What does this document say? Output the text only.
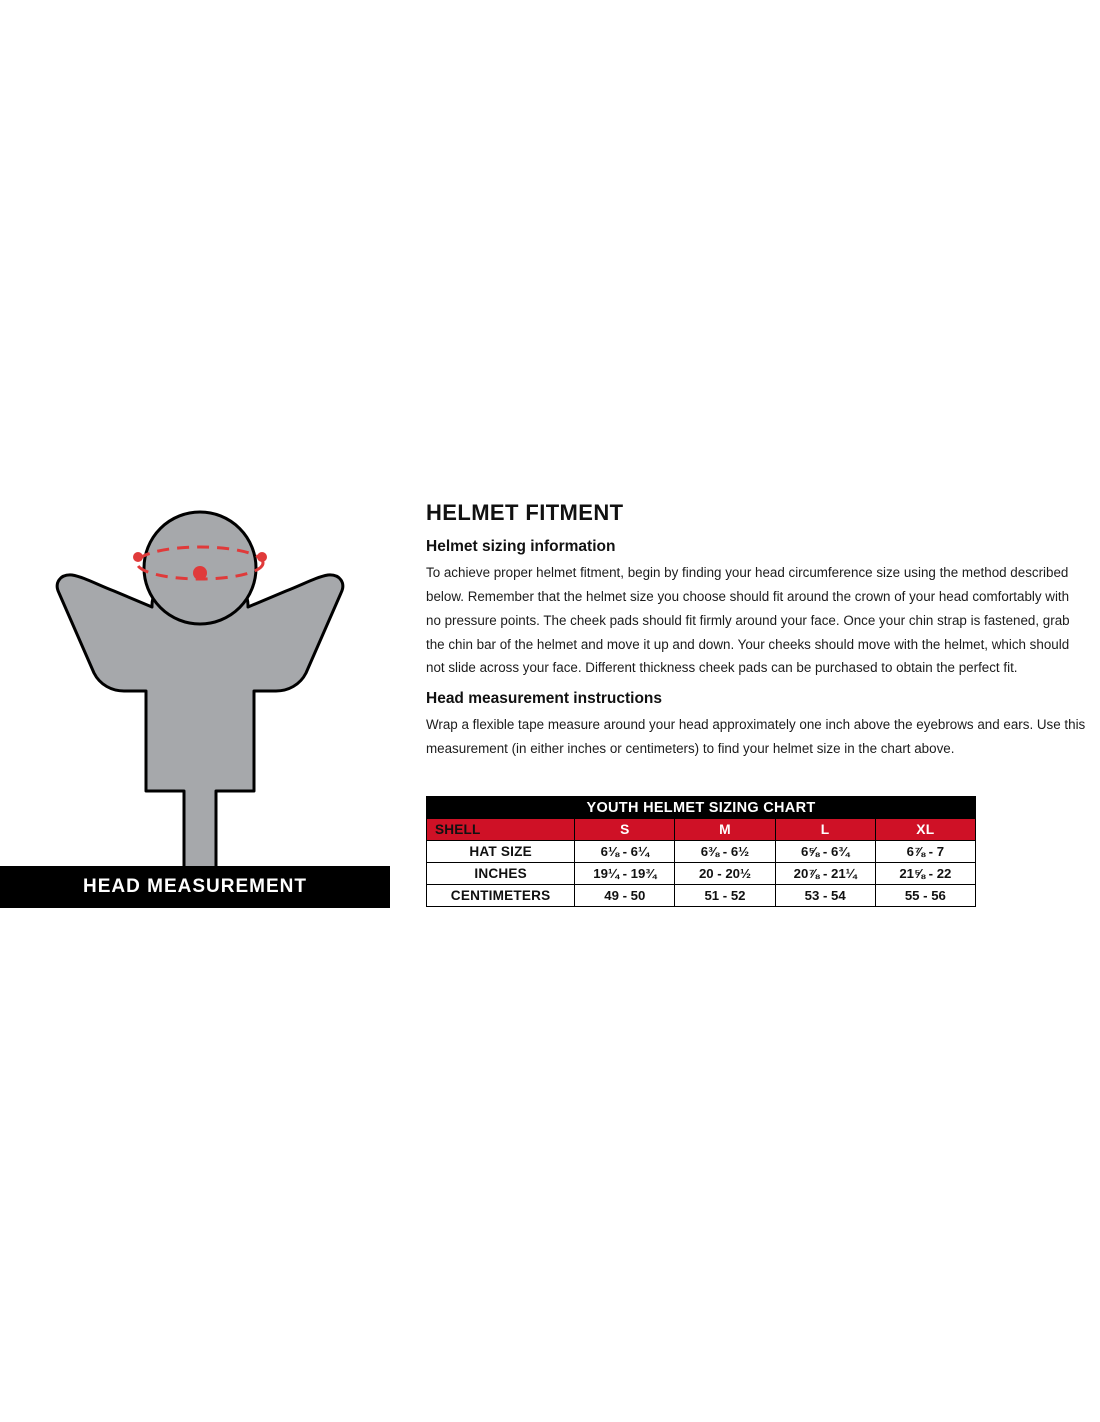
HEAD MEASUREMENT
HELMET FITMENT
Helmet sizing information

To achieve proper helmet fitment, begin by finding your head circumference size using the method described below. Remember that the helmet size you choose should fit around the crown of your head comfortably with no pressure points. The cheek pads should fit firmly around your face. Once your chin strap is fastened, grab the chin bar of the helmet and move it up and down. Your cheeks should move with the helmet, which should not slide across your face. Different thickness cheek pads can be purchased to obtain the perfect fit.

Head measurement instructions

Wrap a flexible tape measure around your head approximately one inch above the eyebrows and ears. Use this measurement (in either inches or centimeters) to find your helmet size in the chart above.

YOUTH HELMET SIZING CHART				
SHELL	S	M	L	XL
HAT SIZE	6⅛ - 6¼	6⅜ - 6½	6⅝ - 6¾	6⅞ - 7
INCHES	19¼ - 19¾	20 - 20½	20⅞ - 21¼	21⅝ - 22
CENTIMETERS	49 - 50	51 - 52	53 - 54	55 - 56
